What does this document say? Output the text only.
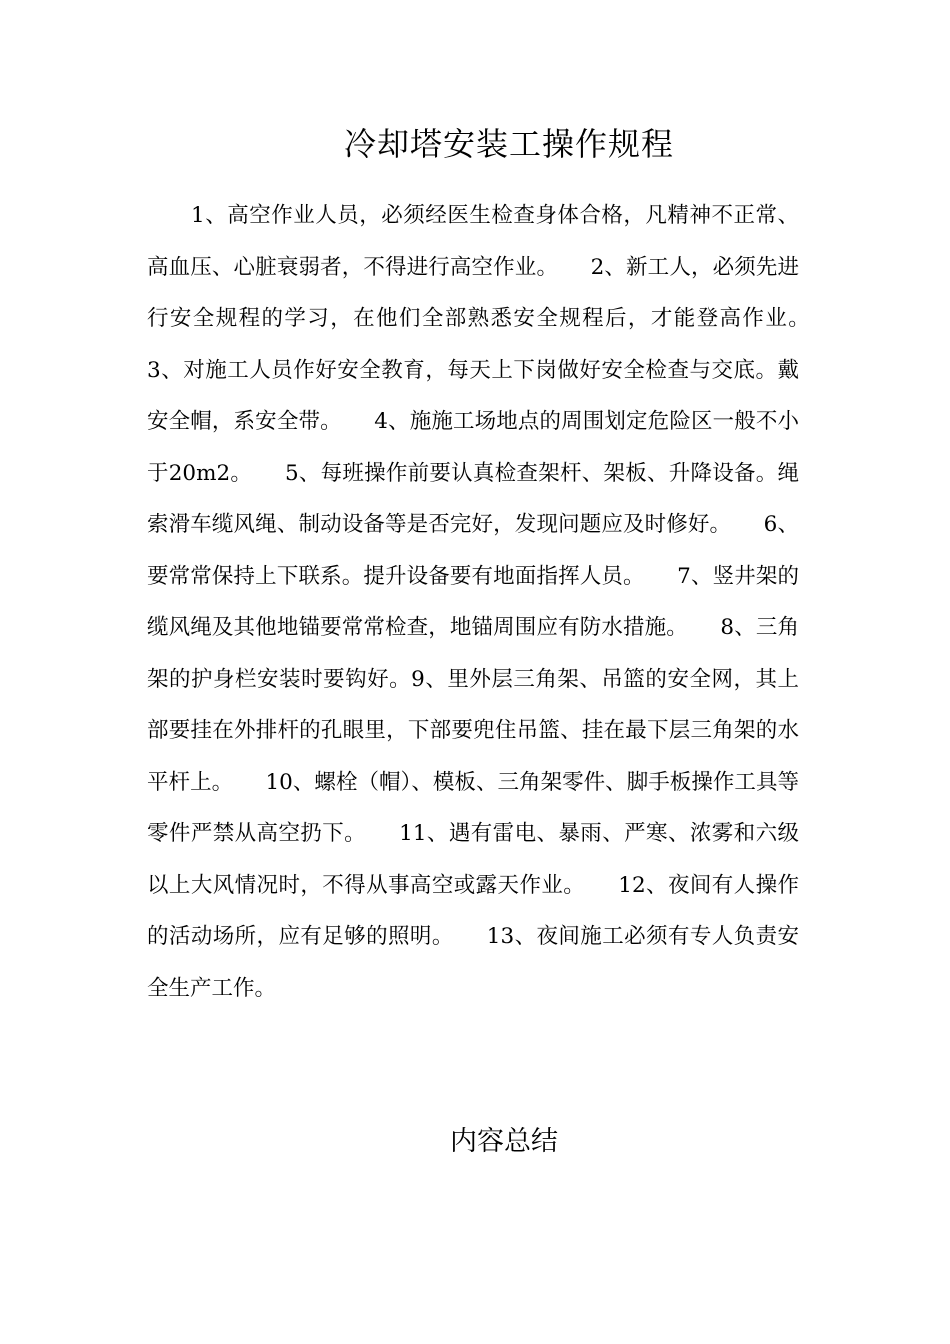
冷却塔安装工操作规程

1、高空作业人员，必须经医生检查身体合格，凡精神不正常、高血压、心脏衰弱者，不得进行高空作业。　　2、新工人，必须先进行安全规程的学习，在他们全部熟悉安全规程后，才能登高作业。　　3、对施工人员作好安全教育，每天上下岗做好安全检查与交底。戴安全帽，系安全带。　　4、施施工场地点的周围划定危险区一般不小于20m2。　　5、每班操作前要认真检查架杆、架板、升降设备。绳索滑车缆风绳、制动设备等是否完好，发现问题应及时修好。　　6、要常常保持上下联系。提升设备要有地面指挥人员。　　7、竖井架的缆风绳及其他地锚要常常检查，地锚周围应有防水措施。　　8、三角架的护身栏安装时要钩好。9、里外层三角架、吊篮的安全网，其上部要挂在外排杆的孔眼里，下部要兜住吊篮、挂在最下层三角架的水平杆上。　　10、螺栓（帽）、模板、三角架零件、脚手板操作工具等零件严禁从高空扔下。　　11、遇有雷电、暴雨、严寒、浓雾和六级以上大风情况时，不得从事高空或露天作业。　　12、夜间有人操作的活动场所，应有足够的照明。　　13、夜间施工必须有专人负责安全生产工作。

内容总结
